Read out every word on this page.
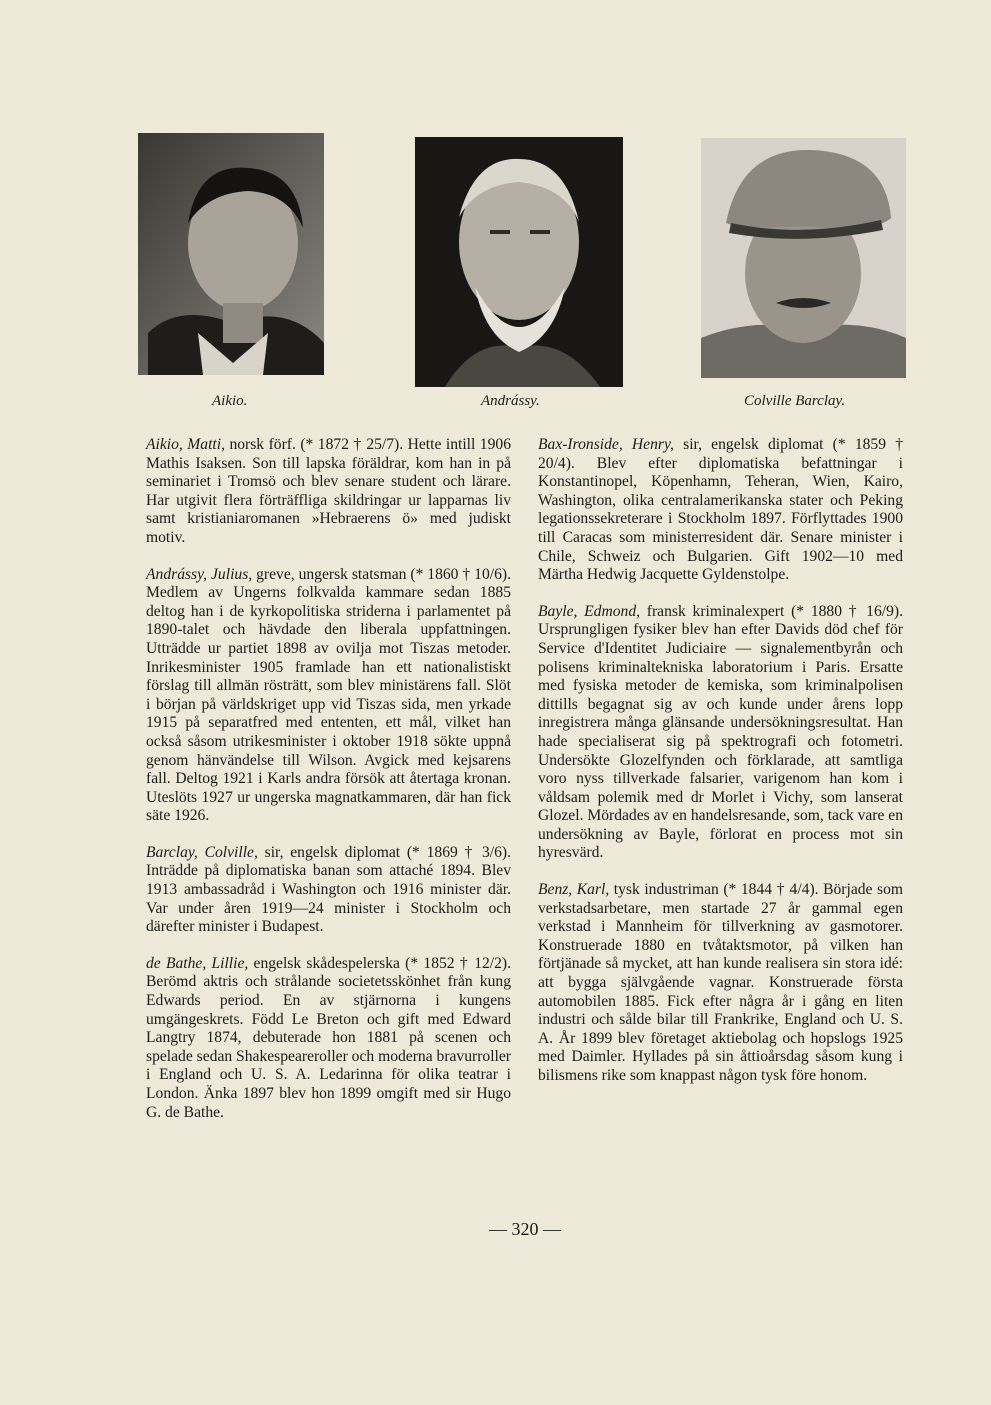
Aikio.	Andrássy.	Colville Barclay.

Aikio, Matti, norsk förf. (* 1872 † 25/7). Hette intill 1906 Mathis Isaksen. Son till lapska föräldrar, kom han in på seminariet i Tromsö och blev senare student och lärare. Har utgivit flera förträffliga skildringar ur lapparnas liv samt kristianiaromanen »Hebraerens ö» med judiskt motiv.

Andrássy, Julius, greve, ungersk statsman (* 1860 † 10/6). Medlem av Ungerns folkvalda kammare sedan 1885 deltog han i de kyrkopolitiska striderna i parlamentet på 1890-talet och hävdade den liberala uppfattningen. Utträdde ur partiet 1898 av ovilja mot Tiszas metoder. Inrikesminister 1905 framlade han ett nationalistiskt förslag till allmän rösträtt, som blev ministärens fall. Slöt i början på världskriget upp vid Tiszas sida, men yrkade 1915 på separatfred med ententen, ett mål, vilket han också såsom utrikesminister i oktober 1918 sökte uppnå genom hänvändelse till Wilson. Avgick med kejsarens fall. Deltog 1921 i Karls andra försök att återtaga kronan. Uteslöts 1927 ur ungerska magnatkammaren, där han fick säte 1926.

Barclay, Colville, sir, engelsk diplomat (* 1869 † 3/6). Inträdde på diplomatiska banan som attaché 1894. Blev 1913 ambassadråd i Washington och 1916 minister där. Var under åren 1919—24 minister i Stockholm och därefter minister i Budapest.

de Bathe, Lillie, engelsk skådespelerska (* 1852 † 12/2). Berömd aktris och strålande societetsskönhet från kung Edwards period. En av stjärnorna i kungens umgängeskrets. Född Le Breton och gift med Edward Langtry 1874, debuterade hon 1881 på scenen och spelade sedan Shakespeareroller och moderna bravurroller i England och U. S. A. Ledarinna för olika teatrar i London. Änka 1897 blev hon 1899 omgift med sir Hugo G. de Bathe.

Bax-Ironside, Henry, sir, engelsk diplomat (* 1859 † 20/4). Blev efter diplomatiska befattningar i Konstantinopel, Köpenhamn, Teheran, Wien, Kairo, Washington, olika centralamerikanska stater och Peking legationssekreterare i Stockholm 1897. Förflyttades 1900 till Caracas som ministerresident där. Senare minister i Chile, Schweiz och Bulgarien. Gift 1902—10 med Märtha Hedwig Jacquette Gyldenstolpe.

Bayle, Edmond, fransk kriminalexpert (* 1880 † 16/9). Ursprungligen fysiker blev han efter Davids död chef för Service d'Identitet Judiciaire — signalementbyrån och polisens kriminaltekniska laboratorium i Paris. Ersatte med fysiska metoder de kemiska, som kriminalpolisen dittills begagnat sig av och kunde under årens lopp inregistrera många glänsande undersökningsresultat. Han hade specialiserat sig på spektrografi och fotometri. Undersökte Glozelfynden och förklarade, att samtliga voro nyss tillverkade falsarier, varigenom han kom i våldsam polemik med dr Morlet i Vichy, som lanserat Glozel. Mördades av en handelsresande, som, tack vare en undersökning av Bayle, förlorat en process mot sin hyresvärd.

Benz, Karl, tysk industriman (* 1844 † 4/4). Började som verkstadsarbetare, men startade 27 år gammal egen verkstad i Mannheim för tillverkning av gasmotorer. Konstruerade 1880 en tvåtaktsmotor, på vilken han förtjänade så mycket, att han kunde realisera sin stora idé: att bygga självgående vagnar. Konstruerade första automobilen 1885. Fick efter några år i gång en liten industri och sålde bilar till Frankrike, England och U. S. A. År 1899 blev företaget aktiebolag och hopslogs 1925 med Daimler. Hyllades på sin åttioårsdag såsom kung i bilismens rike som knappast någon tysk före honom.

— 320 —
